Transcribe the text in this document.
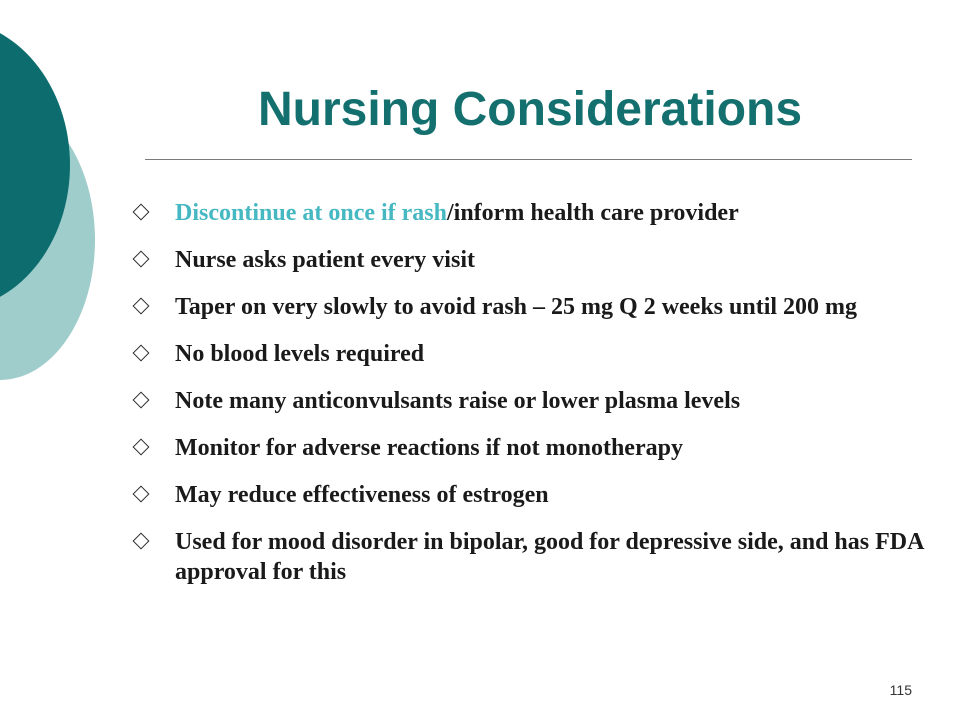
Nursing Considerations
Discontinue at once if rash/inform health care provider
Nurse asks patient every visit
Taper on very slowly to avoid rash – 25 mg Q 2 weeks until 200 mg
No blood levels required
Note many anticonvulsants raise or lower plasma levels
Monitor for adverse reactions if not monotherapy
May reduce effectiveness of estrogen
Used for mood disorder in bipolar, good for depressive side, and has FDA approval for this
115
